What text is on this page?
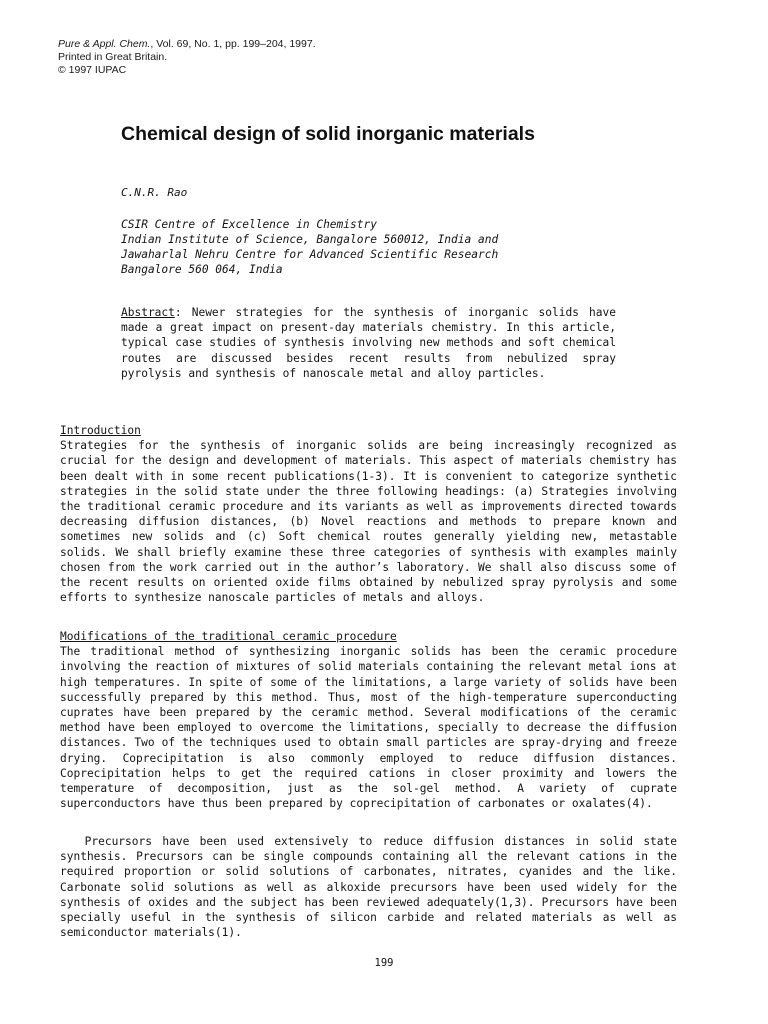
Pure & Appl. Chem., Vol. 69, No. 1, pp. 199–204, 1997.
Printed in Great Britain.
© 1997 IUPAC
Chemical design of solid inorganic materials
C.N.R. Rao
CSIR Centre of Excellence in Chemistry
Indian Institute of Science, Bangalore 560012, India and
Jawaharlal Nehru Centre for Advanced Scientific Research
Bangalore 560 064, India
Abstract: Newer strategies for the synthesis of inorganic solids have made a great impact on present-day materials chemistry. In this article, typical case studies of synthesis involving new methods and soft chemical routes are discussed besides recent results from nebulized spray pyrolysis and synthesis of nanoscale metal and alloy particles.
Introduction

Strategies for the synthesis of inorganic solids are being increasingly recognized as crucial for the design and development of materials. This aspect of materials chemistry has been dealt with in some recent publications(1-3). It is convenient to categorize synthetic strategies in the solid state under the three following headings: (a) Strategies involving the traditional ceramic procedure and its variants as well as improvements directed towards decreasing diffusion distances, (b) Novel reactions and methods to prepare known and sometimes new solids and (c) Soft chemical routes generally yielding new, metastable solids. We shall briefly examine these three categories of synthesis with examples mainly chosen from the work carried out in the author’s laboratory. We shall also discuss some of the recent results on oriented oxide films obtained by nebulized spray pyrolysis and some efforts to synthesize nanoscale particles of metals and alloys.

Modifications of the traditional ceramic procedure

The traditional method of synthesizing inorganic solids has been the ceramic procedure involving the reaction of mixtures of solid materials containing the relevant metal ions at high temperatures. In spite of some of the limitations, a large variety of solids have been successfully prepared by this method. Thus, most of the high-temperature superconducting cuprates have been prepared by the ceramic method. Several modifications of the ceramic method have been employed to overcome the limitations, specially to decrease the diffusion distances. Two of the techniques used to obtain small particles are spray-drying and freeze drying. Coprecipitation is also commonly employed to reduce diffusion distances. Coprecipitation helps to get the required cations in closer proximity and lowers the temperature of decomposition, just as the sol-gel method. A variety of cuprate superconductors have thus been prepared by coprecipitation of carbonates or oxalates(4).

Precursors have been used extensively to reduce diffusion distances in solid state synthesis. Precursors can be single compounds containing all the relevant cations in the required proportion or solid solutions of carbonates, nitrates, cyanides and the like. Carbonate solid solutions as well as alkoxide precursors have been used widely for the synthesis of oxides and the subject has been reviewed adequately(1,3). Precursors have been specially useful in the synthesis of silicon carbide and related materials as well as semiconductor materials(1).

199
